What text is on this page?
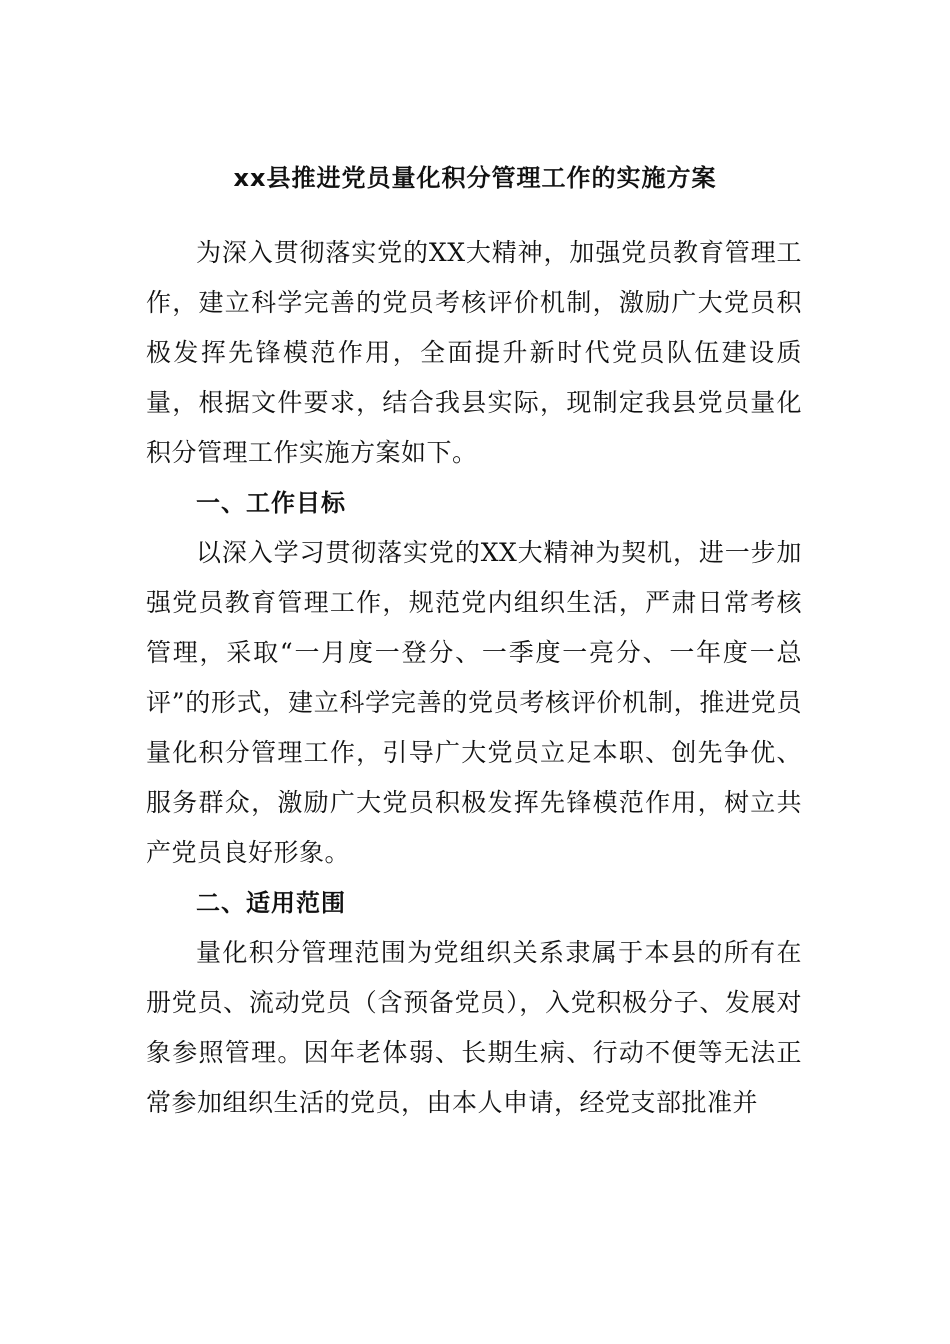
xx县推进党员量化积分管理工作的实施方案

为深入贯彻落实党的XX大精神，加强党员教育管理工作，建立科学完善的党员考核评价机制，激励广大党员积极发挥先锋模范作用，全面提升新时代党员队伍建设质量，根据文件要求，结合我县实际，现制定我县党员量化积分管理工作实施方案如下。

一、工作目标

以深入学习贯彻落实党的XX大精神为契机，进一步加强党员教育管理工作，规范党内组织生活，严肃日常考核管理，采取“一月度一登分、一季度一亮分、一年度一总评”的形式，建立科学完善的党员考核评价机制，推进党员量化积分管理工作，引导广大党员立足本职、创先争优、服务群众，激励广大党员积极发挥先锋模范作用，树立共产党员良好形象。

二、适用范围

量化积分管理范围为党组织关系隶属于本县的所有在册党员、流动党员（含预备党员），入党积极分子、发展对象参照管理。因年老体弱、长期生病、行动不便等无法正常参加组织生活的党员，由本人申请，经党支部批准并
